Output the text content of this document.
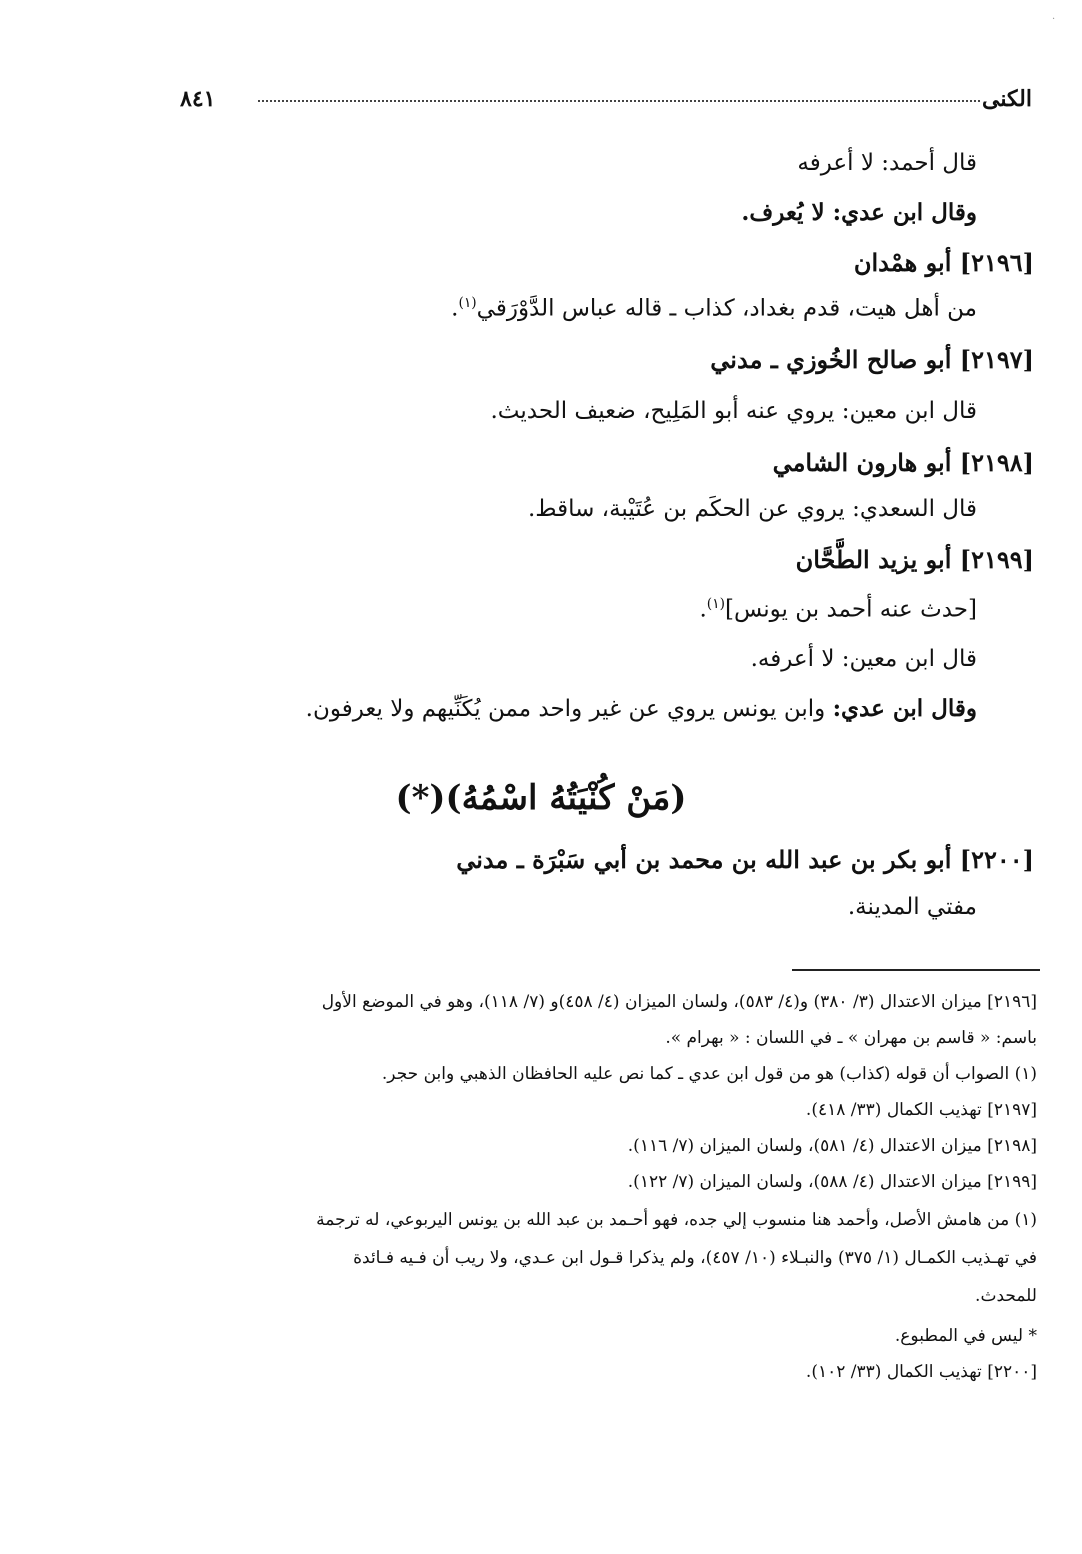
·
٨٤١	الكنى
قال أحمد: لا أعرفه
وقال ابن عدي: لا يُعرف.
[٢١٩٦] أبو همْدان
من أهل هيت، قدم بغداد، كذاب ـ قاله عباس الدَّوْرَقي$^{(١)}$.
[٢١٩٧] أبو صالح الخُوزي ـ مدني
قال ابن معين: يروي عنه أبو المَلِيح، ضعيف الحديث.
[٢١٩٨] أبو هارون الشامي
قال السعدي: يروي عن الحكَم بن عُتَيْبة، ساقط.
[٢١٩٩] أبو يزيد الطَّحَّان
[حدث عنه أحمد بن يونس]$^{(١)}$.
قال ابن معين: لا أعرفه.
وقال ابن عدي: وابن يونس يروي عن غير واحد ممن يُكَنِّيهم ولا يعرفون.
(مَنْ كُنْيَتُهُ اسْمُهُ)(*)
[٢٢٠٠] أبو بكر بن عبد الله بن محمد بن أبي سَبْرَة ـ مدني
مفتي المدينة.
[٢١٩٦] ميزان الاعتدال (٣/ ٣٨٠) و(٤/ ٥٨٣)، ولسان الميزان (٤/ ٤٥٨)و (٧/ ١١٨)، وهو في الموضع الأول
باسم: « قاسم بن مهران » ـ في اللسان : « بهرام ».
(١) الصواب أن قوله (كذاب) هو من قول ابن عدي ـ كما نص عليه الحافظان الذهبي وابن حجر.
[٢١٩٧] تهذيب الكمال (٣٣/ ٤١٨).
[٢١٩٨] ميزان الاعتدال (٤/ ٥٨١)، ولسان الميزان (٧/ ١١٦).
[٢١٩٩] ميزان الاعتدال (٤/ ٥٨٨)، ولسان الميزان (٧/ ١٢٢).
(١) من هامش الأصل، وأحمد هنا منسوب إلي جده، فهو أحـمد بن عبد الله بن يونس اليربوعي، له ترجمة
في تهـذيب الكمـال (١/ ٣٧٥) والنبـلاء (١٠/ ٤٥٧)، ولم يذكرا قـول ابن عـدي، ولا ريب أن فـيه فـائدة
للمحدث.
* ليس في المطبوع.
[٢٢٠٠] تهذيب الكمال (٣٣/ ١٠٢).
